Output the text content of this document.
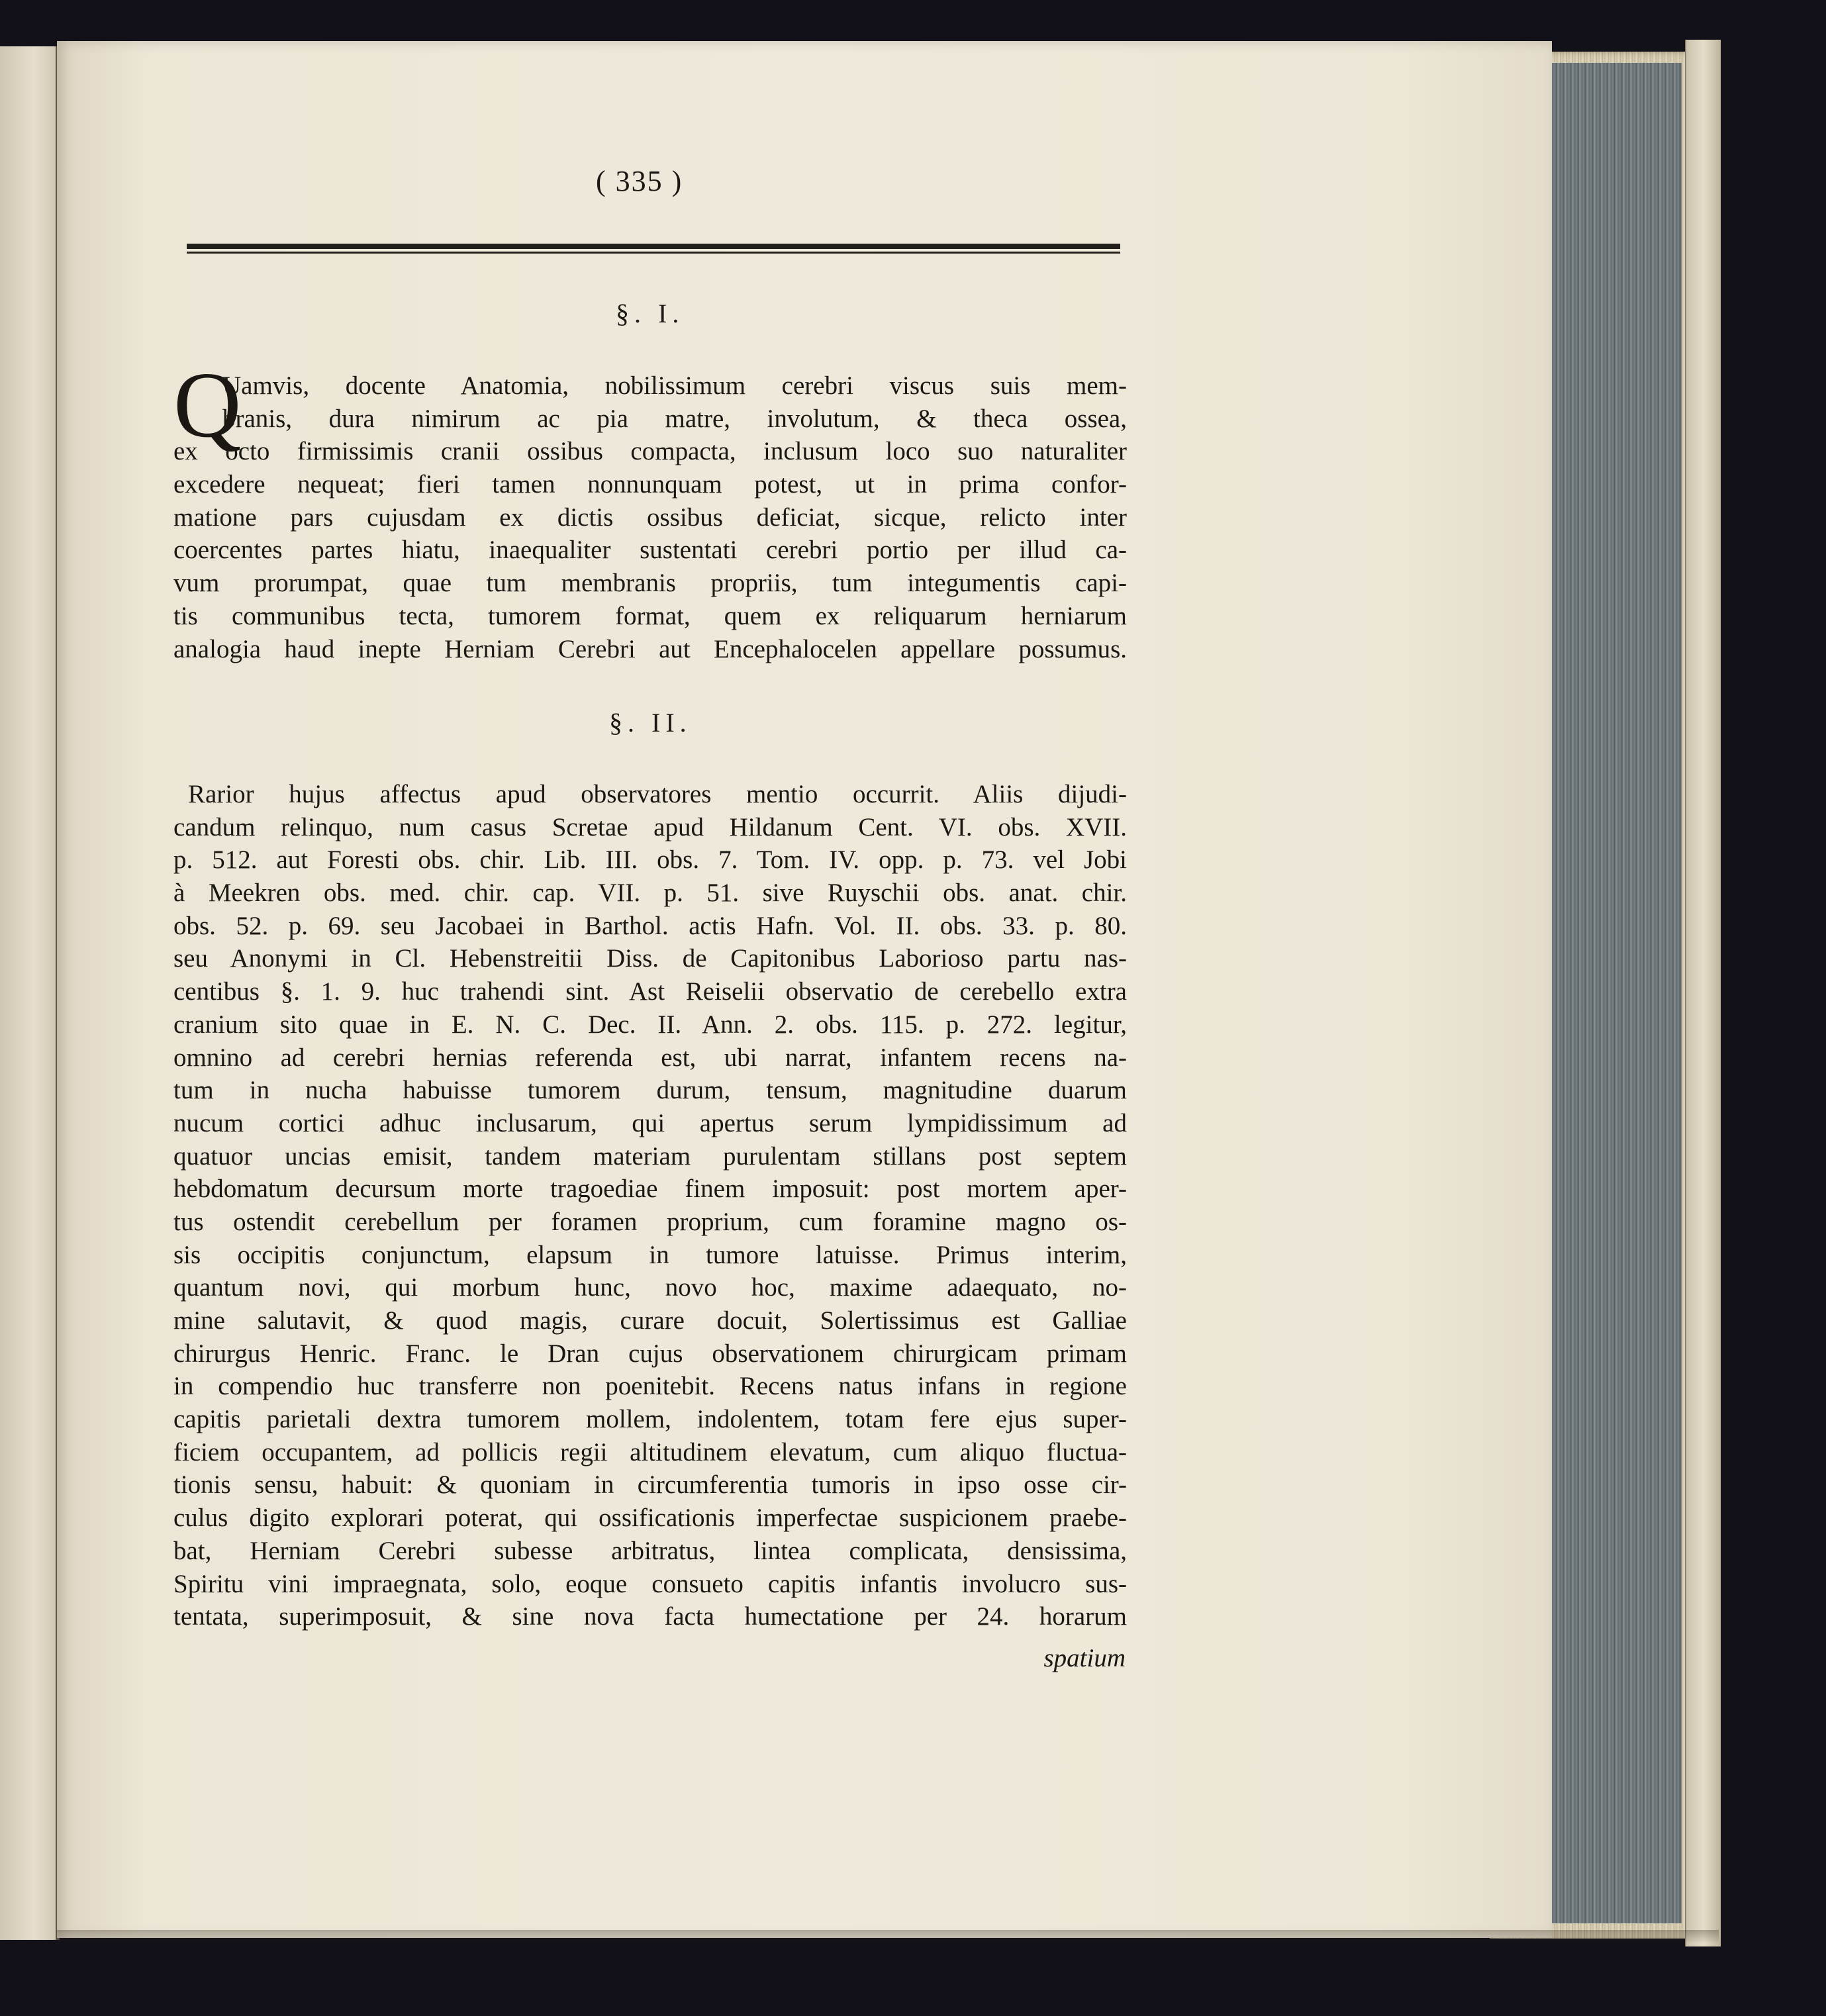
( 335 )
§. I.
Q
Uamvis, docente Anatomia, nobilissimum cerebri viscus suis mem-
branis, dura nimirum ac pia matre, involutum, & theca ossea,
ex octo firmissimis cranii ossibus compacta, inclusum loco suo naturaliter
excedere nequeat; fieri tamen nonnunquam potest, ut in prima confor-
matione pars cujusdam ex dictis ossibus deficiat, sicque, relicto inter
coercentes partes hiatu, inaequaliter sustentati cerebri portio per illud ca-
vum prorumpat, quae tum membranis propriis, tum integumentis capi-
tis communibus tecta, tumorem format, quem ex reliquarum herniarum
analogia haud inepte Herniam Cerebri aut Encephalocelen appellare possumus.
§. II.
Rarior hujus affectus apud observatores mentio occurrit. Aliis dijudi-
candum relinquo, num casus Scretae apud Hildanum Cent. VI. obs. XVII.
p. 512. aut Foresti obs. chir. Lib. III. obs. 7. Tom. IV. opp. p. 73. vel Jobi
à Meekren obs. med. chir. cap. VII. p. 51. sive Ruyschii obs. anat. chir.
obs. 52. p. 69. seu Jacobaei in Barthol. actis Hafn. Vol. II. obs. 33. p. 80.
seu Anonymi in Cl. Hebenstreitii Diss. de Capitonibus Laborioso partu nas-
centibus §. 1. 9. huc trahendi sint. Ast Reiselii observatio de cerebello extra
cranium sito quae in E. N. C. Dec. II. Ann. 2. obs. 115. p. 272. legitur,
omnino ad cerebri hernias referenda est, ubi narrat, infantem recens na-
tum in nucha habuisse tumorem durum, tensum, magnitudine duarum
nucum cortici adhuc inclusarum, qui apertus serum lympidissimum ad
quatuor uncias emisit, tandem materiam purulentam stillans post septem
hebdomatum decursum morte tragoediae finem imposuit: post mortem aper-
tus ostendit cerebellum per foramen proprium, cum foramine magno os-
sis occipitis conjunctum, elapsum in tumore latuisse. Primus interim,
quantum novi, qui morbum hunc, novo hoc, maxime adaequato, no-
mine salutavit, & quod magis, curare docuit, Solertissimus est Galliae
chirurgus Henric. Franc. le Dran cujus observationem chirurgicam primam
in compendio huc transferre non poenitebit. Recens natus infans in regione
capitis parietali dextra tumorem mollem, indolentem, totam fere ejus super-
ficiem occupantem, ad pollicis regii altitudinem elevatum, cum aliquo fluctua-
tionis sensu, habuit: & quoniam in circumferentia tumoris in ipso osse cir-
culus digito explorari poterat, qui ossificationis imperfectae suspicionem praebe-
bat, Herniam Cerebri subesse arbitratus, lintea complicata, densissima,
Spiritu vini impraegnata, solo, eoque consueto capitis infantis involucro sus-
tentata, superimposuit, & sine nova facta humectatione per 24. horarum
spatium
